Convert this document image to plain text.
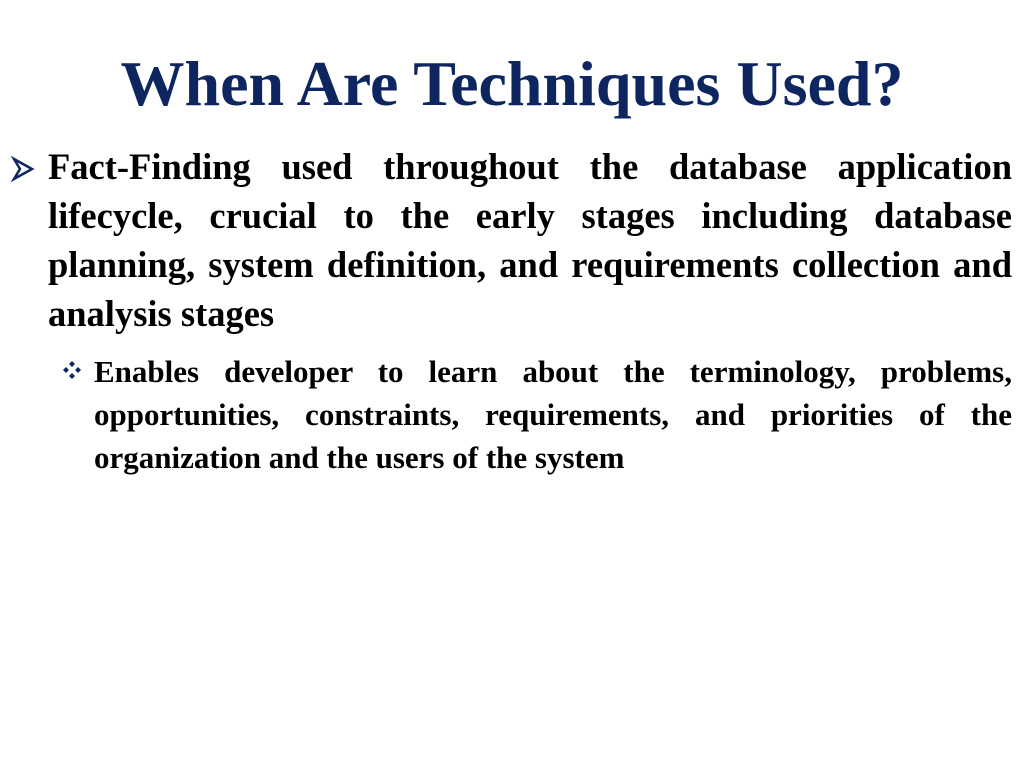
When Are Techniques Used?

Fact-Finding used throughout the database application lifecycle, crucial to the early stages including database planning, system definition, and requirements collection and analysis stages

Enables developer to learn about the terminology, problems, opportunities, constraints, requirements, and priorities of the organization and the users of the system
